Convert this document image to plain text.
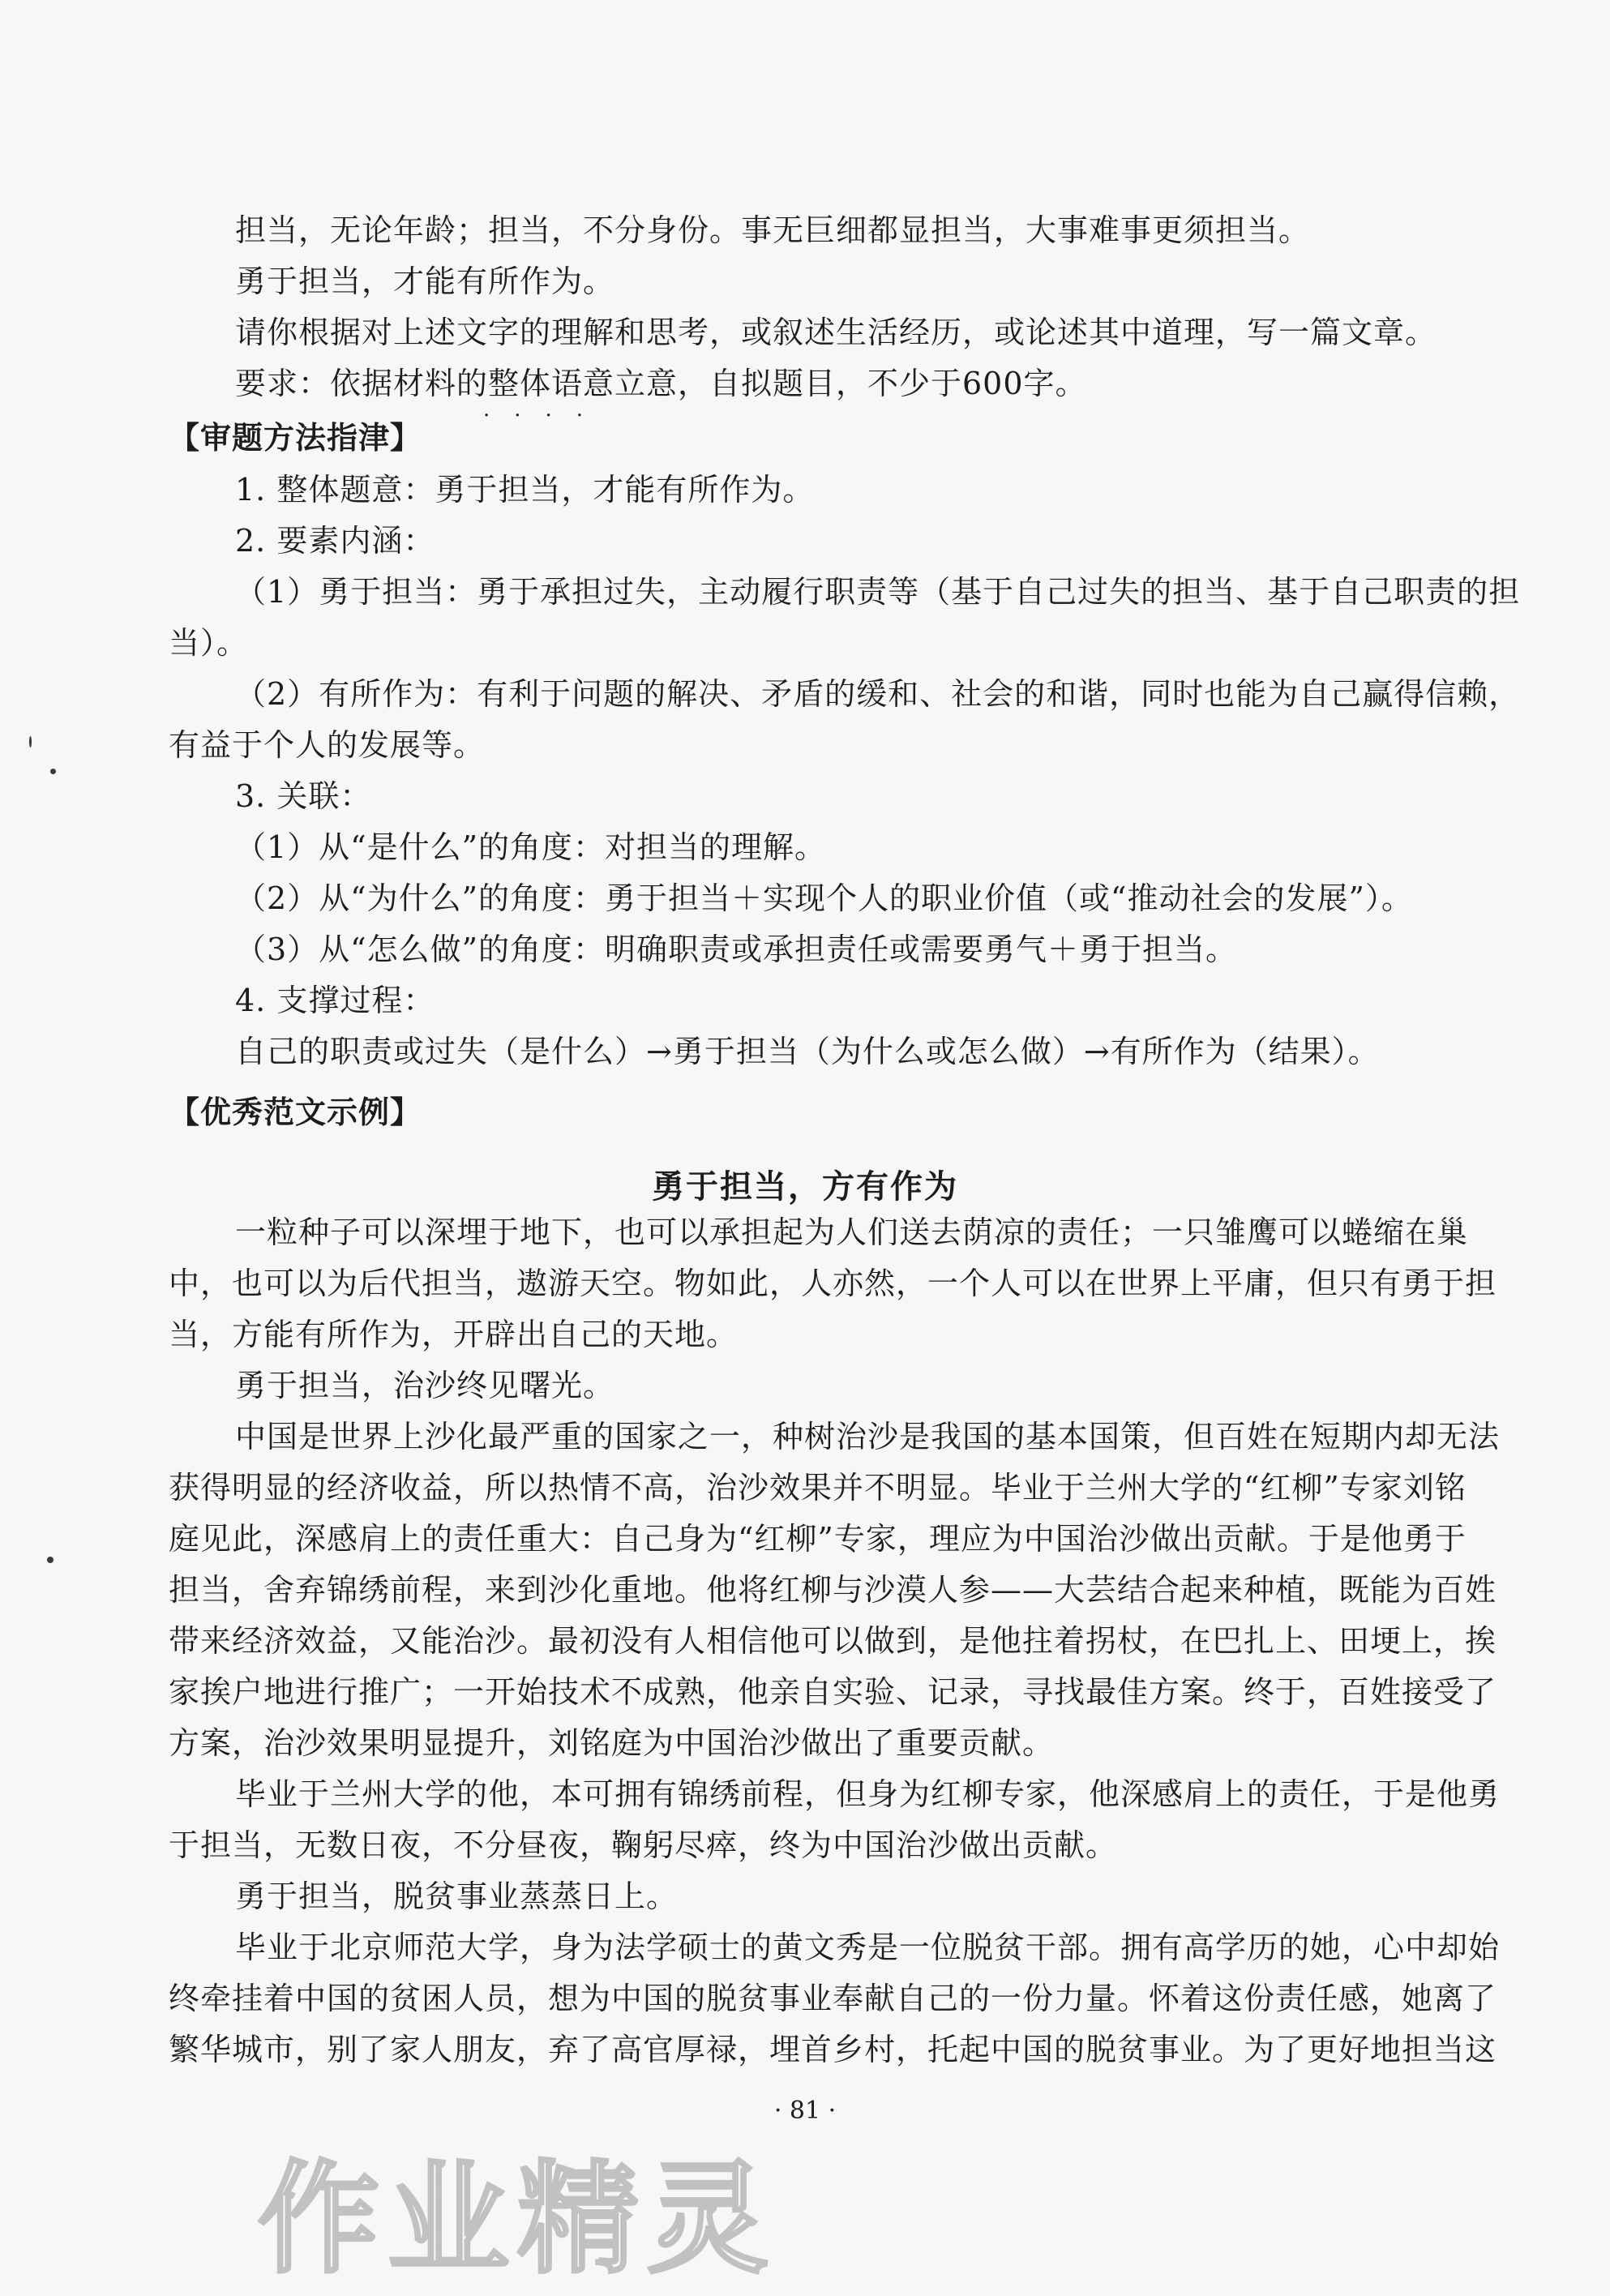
担当，无论年龄；担当，不分身份。事无巨细都显担当，大事难事更须担当。
勇于担当，才能有所作为。
请你根据对上述文字的理解和思考，或叙述生活经历，或论述其中道理，写一篇文章。
要求：依据材料的整体语意立意，自拟题目，不少于600字。
····
【审题方法指津】
1. 整体题意：勇于担当，才能有所作为。
2. 要素内涵：
（1）勇于担当：勇于承担过失，主动履行职责等（基于自己过失的担当、基于自己职责的担
当）。
（2）有所作为：有利于问题的解决、矛盾的缓和、社会的和谐，同时也能为自己赢得信赖，
有益于个人的发展等。
3. 关联：
（1）从“是什么”的角度：对担当的理解。
（2）从“为什么”的角度：勇于担当＋实现个人的职业价值（或“推动社会的发展”）。
（3）从“怎么做”的角度：明确职责或承担责任或需要勇气＋勇于担当。
4. 支撑过程：
自己的职责或过失（是什么）→勇于担当（为什么或怎么做）→有所作为（结果）。
【优秀范文示例】
勇于担当，方有作为
一粒种子可以深埋于地下，也可以承担起为人们送去荫凉的责任；一只雏鹰可以蜷缩在巢
中，也可以为后代担当，遨游天空。物如此，人亦然，一个人可以在世界上平庸，但只有勇于担
当，方能有所作为，开辟出自己的天地。
勇于担当，治沙终见曙光。
中国是世界上沙化最严重的国家之一，种树治沙是我国的基本国策，但百姓在短期内却无法
获得明显的经济收益，所以热情不高，治沙效果并不明显。毕业于兰州大学的“红柳”专家刘铭
庭见此，深感肩上的责任重大：自己身为“红柳”专家，理应为中国治沙做出贡献。于是他勇于
担当，舍弃锦绣前程，来到沙化重地。他将红柳与沙漠人参——大芸结合起来种植，既能为百姓
带来经济效益，又能治沙。最初没有人相信他可以做到，是他拄着拐杖，在巴扎上、田埂上，挨
家挨户地进行推广；一开始技术不成熟，他亲自实验、记录，寻找最佳方案。终于，百姓接受了
方案，治沙效果明显提升，刘铭庭为中国治沙做出了重要贡献。
毕业于兰州大学的他，本可拥有锦绣前程，但身为红柳专家，他深感肩上的责任，于是他勇
于担当，无数日夜，不分昼夜，鞠躬尽瘁，终为中国治沙做出贡献。
勇于担当，脱贫事业蒸蒸日上。
毕业于北京师范大学，身为法学硕士的黄文秀是一位脱贫干部。拥有高学历的她，心中却始
终牵挂着中国的贫困人员，想为中国的脱贫事业奉献自己的一份力量。怀着这份责任感，她离了
繁华城市，别了家人朋友，弃了高官厚禄，埋首乡村，托起中国的脱贫事业。为了更好地担当这
· 81 ·
作业精灵
